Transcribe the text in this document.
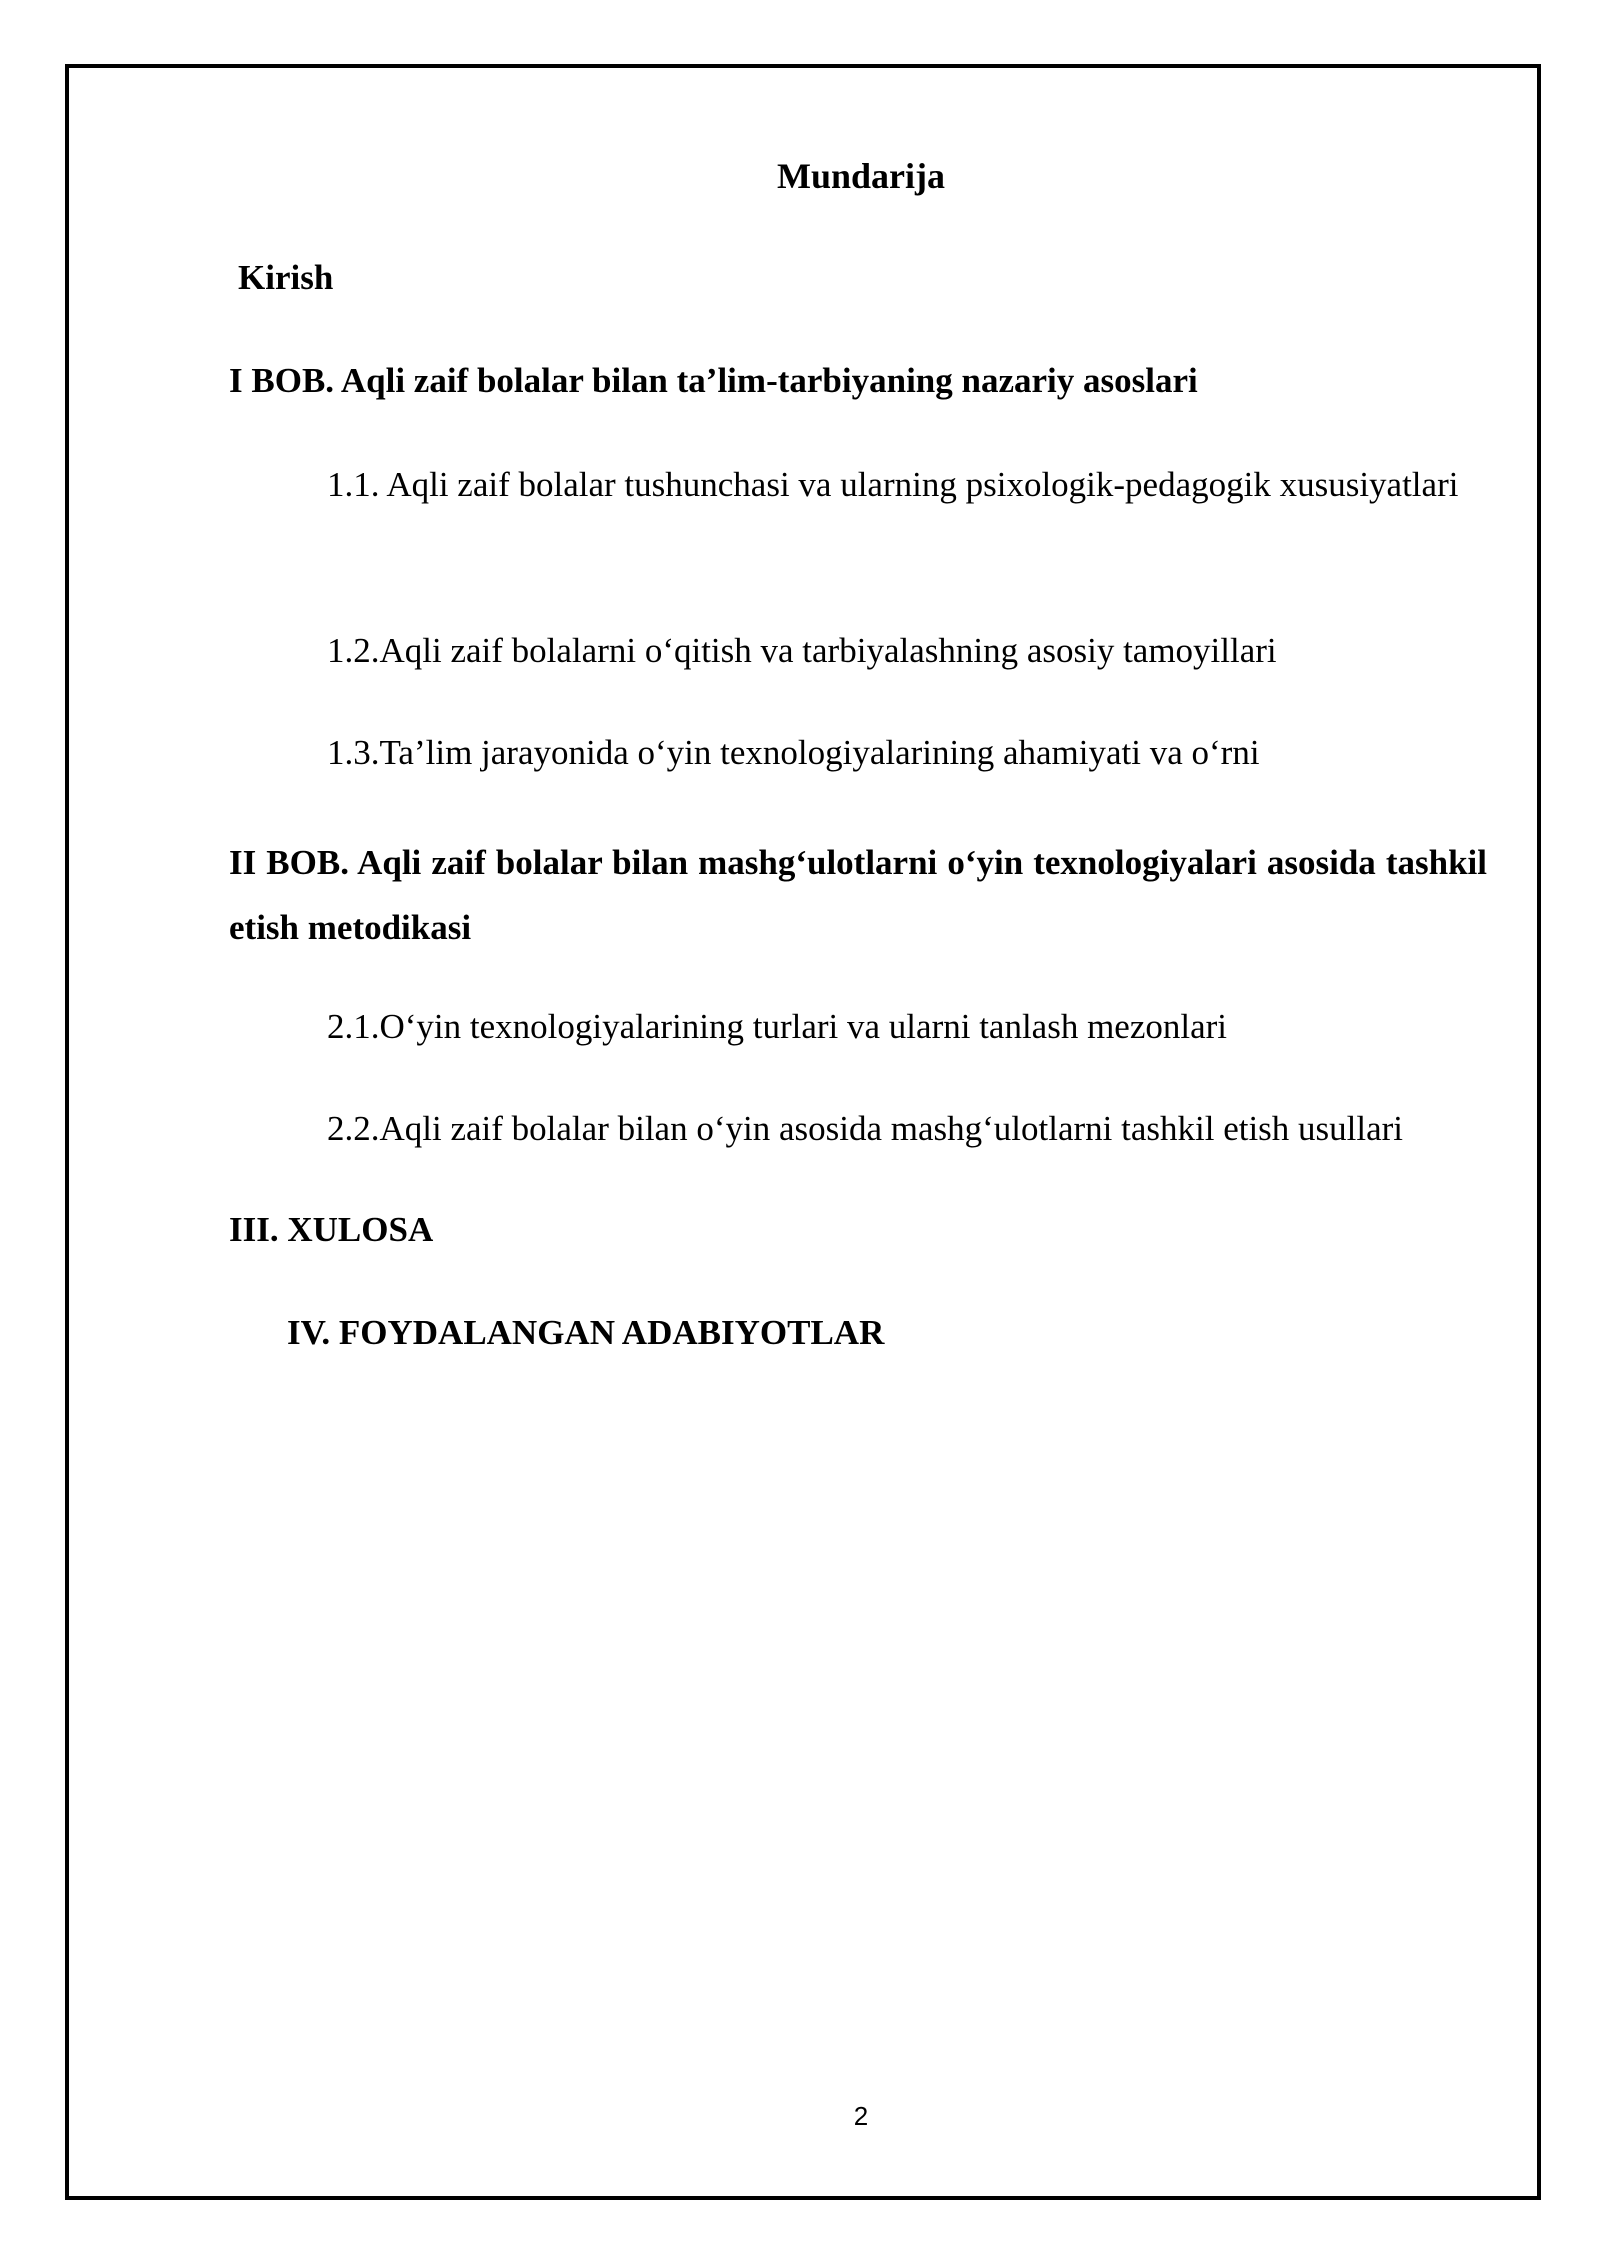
Mundarija
Kirish
I BOB. Aqli zaif bolalar bilan ta’lim-tarbiyaning nazariy asoslari
1.1. Aqli zaif bolalar tushunchasi va ularning psixologik-pedagogik xususiyatlari
1.2.Aqli zaif bolalarni o‘qitish va tarbiyalashning asosiy tamoyillari
1.3.Ta’lim jarayonida o‘yin texnologiyalarining ahamiyati va o‘rni
II BOB. Aqli zaif bolalar bilan mashg‘ulotlarni o‘yin texnologiyalari asosida tashkil etish metodikasi
2.1.O‘yin texnologiyalarining turlari va ularni tanlash mezonlari
2.2.Aqli zaif bolalar bilan o‘yin asosida mashg‘ulotlarni tashkil etish usullari
III. XULOSA
IV. FOYDALANGAN ADABIYOTLAR
2
